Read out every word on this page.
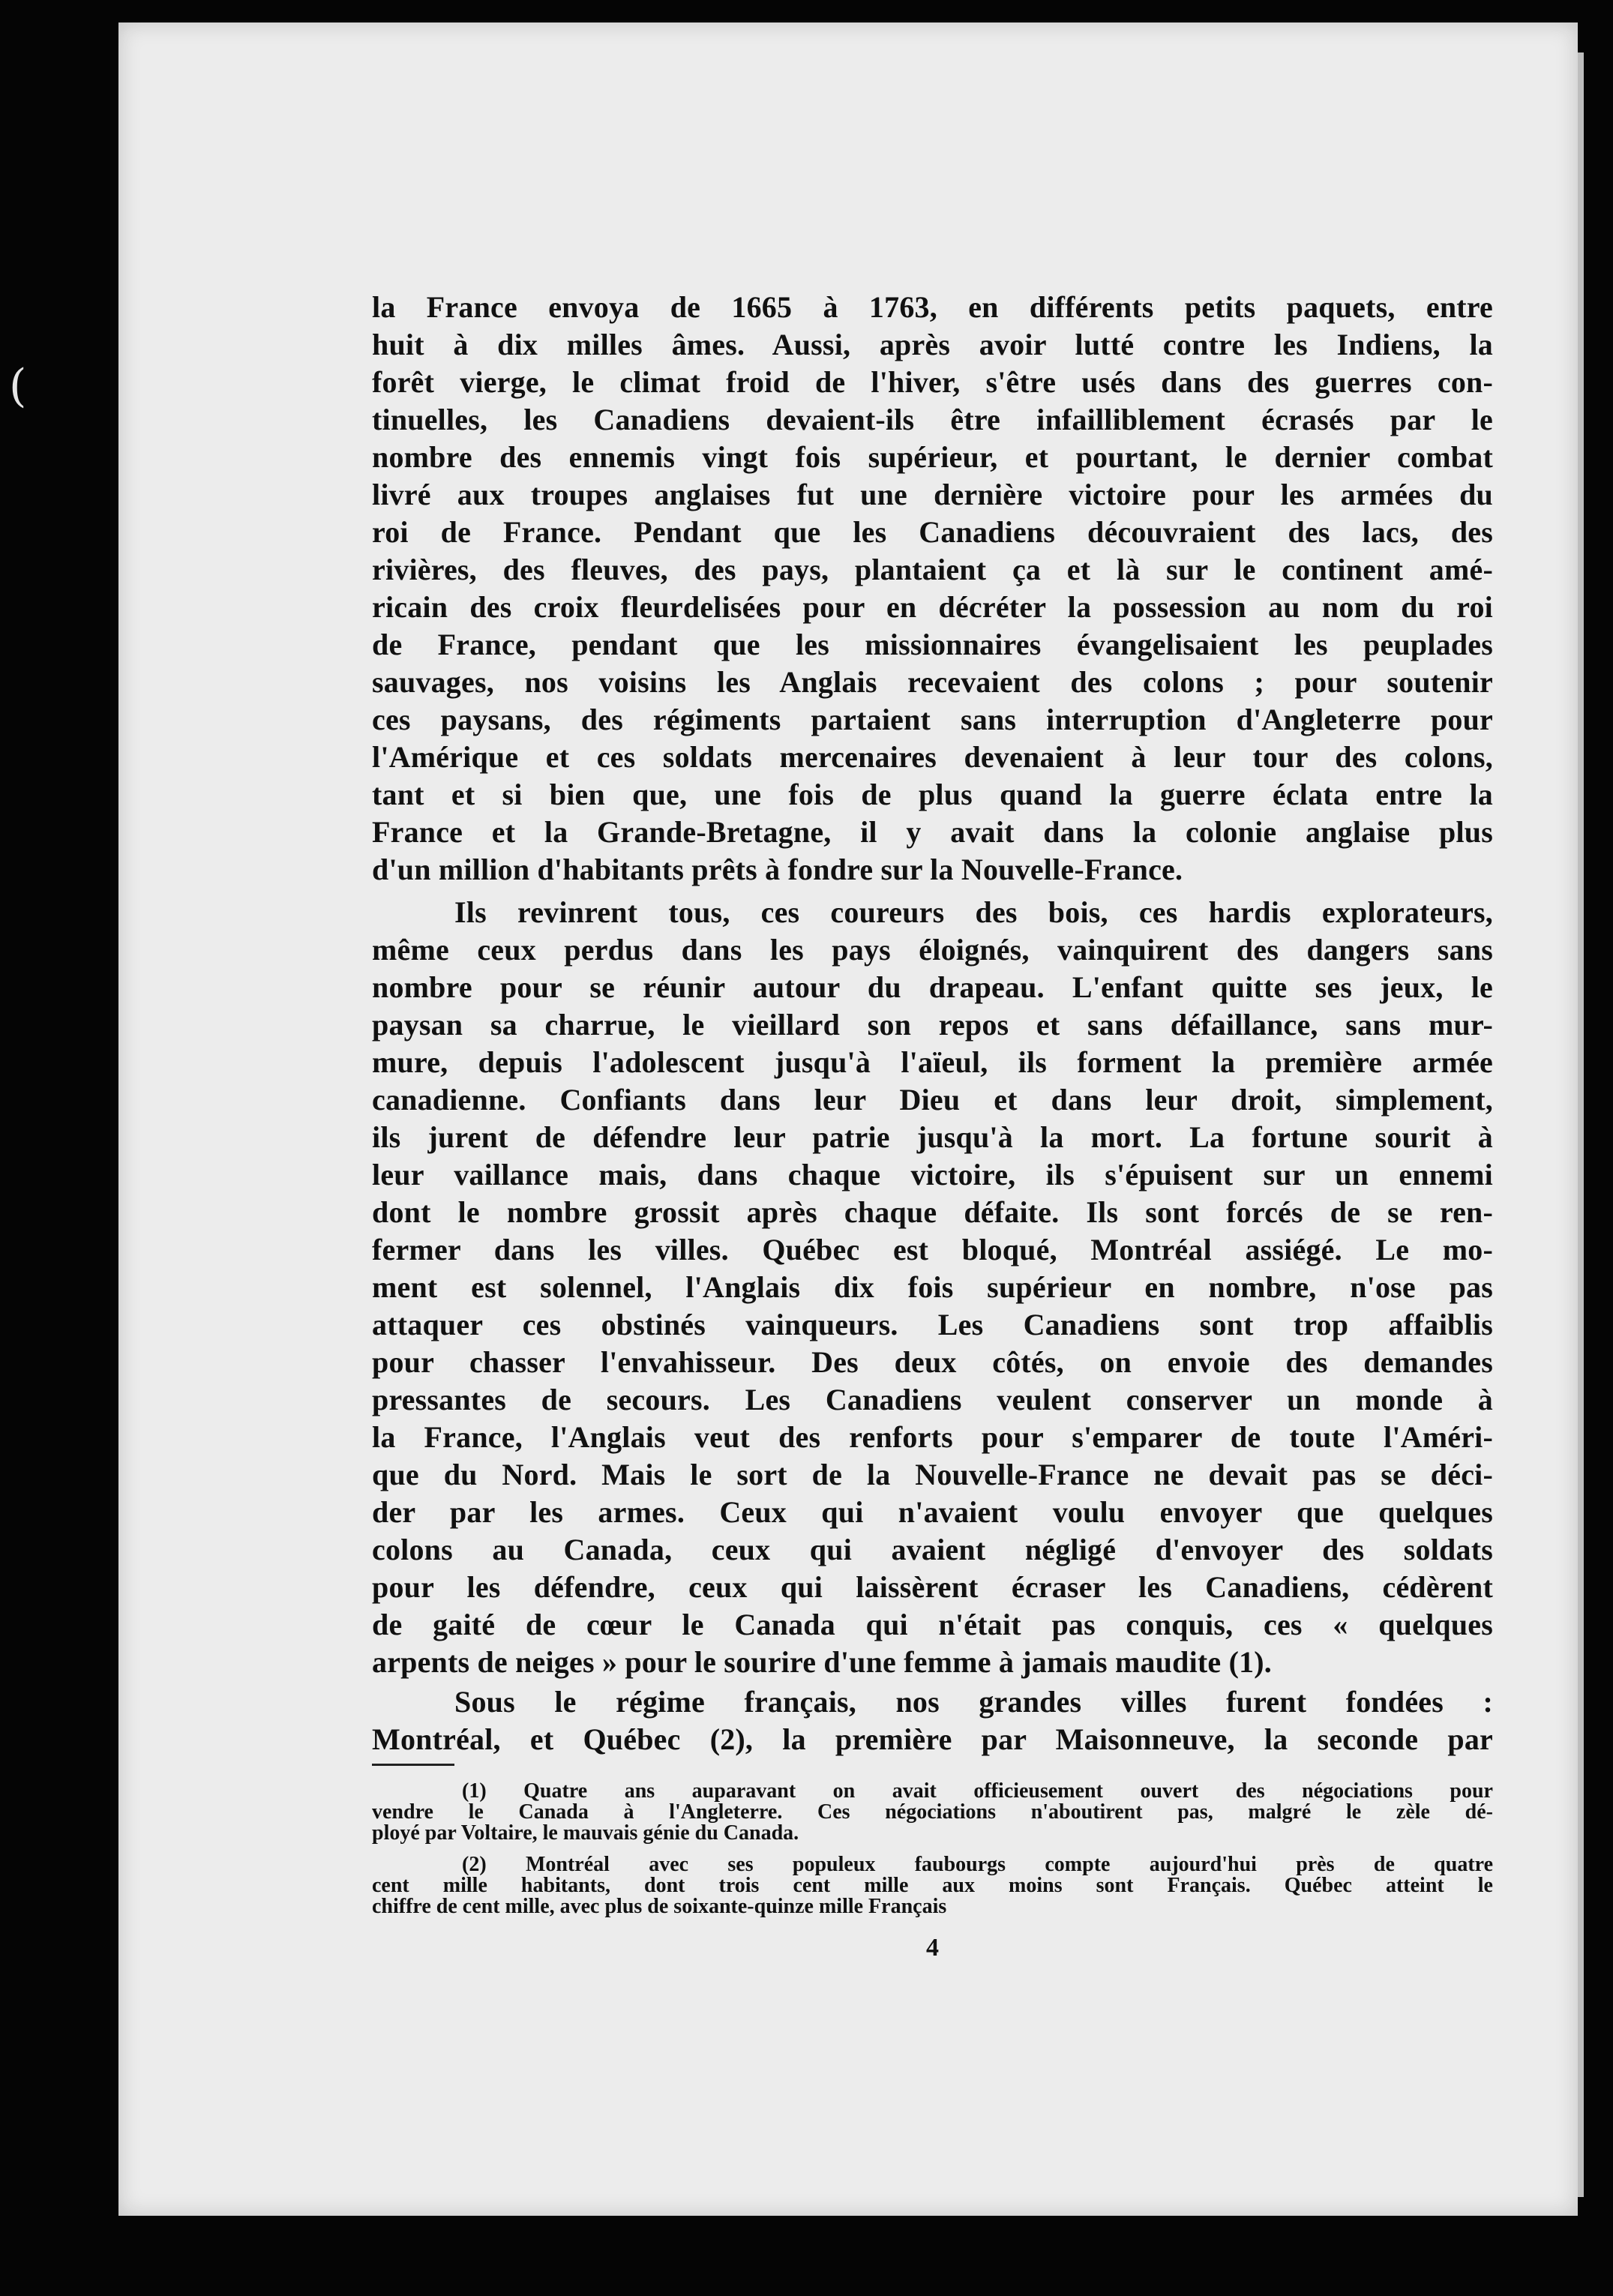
(
la France envoya de 1665 à 1763, en différents petits paquets, entre
huit à dix milles âmes. Aussi, après avoir lutté contre les Indiens, la
forêt vierge, le climat froid de l'hiver, s'être usés dans des guerres con-
tinuelles, les Canadiens devaient-ils être infailliblement écrasés par le
nombre des ennemis vingt fois supérieur, et pourtant, le dernier combat
livré aux troupes anglaises fut une dernière victoire pour les armées du
roi de France. Pendant que les Canadiens découvraient des lacs, des
rivières, des fleuves, des pays, plantaient ça et là sur le continent amé-
ricain des croix fleurdelisées pour en décréter la possession au nom du roi
de France, pendant que les missionnaires évangelisaient les peuplades
sauvages, nos voisins les Anglais recevaient des colons ; pour soutenir
ces paysans, des régiments partaient sans interruption d'Angleterre pour
l'Amérique et ces soldats mercenaires devenaient à leur tour des colons,
tant et si bien que, une fois de plus quand la guerre éclata entre la
France et la Grande-Bretagne, il y avait dans la colonie anglaise plus
d'un million d'habitants prêts à fondre sur la Nouvelle-France.
Ils revinrent tous, ces coureurs des bois, ces hardis explorateurs,
même ceux perdus dans les pays éloignés, vainquirent des dangers sans
nombre pour se réunir autour du drapeau. L'enfant quitte ses jeux, le
paysan sa charrue, le vieillard son repos et sans défaillance, sans mur-
mure, depuis l'adolescent jusqu'à l'aïeul, ils forment la première armée
canadienne. Confiants dans leur Dieu et dans leur droit, simplement,
ils jurent de défendre leur patrie jusqu'à la mort. La fortune sourit à
leur vaillance mais, dans chaque victoire, ils s'épuisent sur un ennemi
dont le nombre grossit après chaque défaite. Ils sont forcés de se ren-
fermer dans les villes. Québec est bloqué, Montréal assiégé. Le mo-
ment est solennel, l'Anglais dix fois supérieur en nombre, n'ose pas
attaquer ces obstinés vainqueurs. Les Canadiens sont trop affaiblis
pour chasser l'envahisseur. Des deux côtés, on envoie des demandes
pressantes de secours. Les Canadiens veulent conserver un monde à
la France, l'Anglais veut des renforts pour s'emparer de toute l'Améri-
que du Nord. Mais le sort de la Nouvelle-France ne devait pas se déci-
der par les armes. Ceux qui n'avaient voulu envoyer que quelques
colons au Canada, ceux qui avaient négligé d'envoyer des soldats
pour les défendre, ceux qui laissèrent écraser les Canadiens, cédèrent
de gaité de cœur le Canada qui n'était pas conquis, ces « quelques
arpents de neiges » pour le sourire d'une femme à jamais maudite (1).
Sous le régime français, nos grandes villes furent fondées :
Montréal, et Québec (2), la première par Maisonneuve, la seconde par
(1) Quatre ans auparavant on avait officieusement ouvert des négociations pour
vendre le Canada à l'Angleterre. Ces négociations n'aboutirent pas, malgré le zèle dé-
ployé par Voltaire, le mauvais génie du Canada.
(2) Montréal avec ses populeux faubourgs compte aujourd'hui près de quatre
cent mille habitants, dont trois cent mille aux moins sont Français. Québec atteint le
chiffre de cent mille, avec plus de soixante-quinze mille Français
4
